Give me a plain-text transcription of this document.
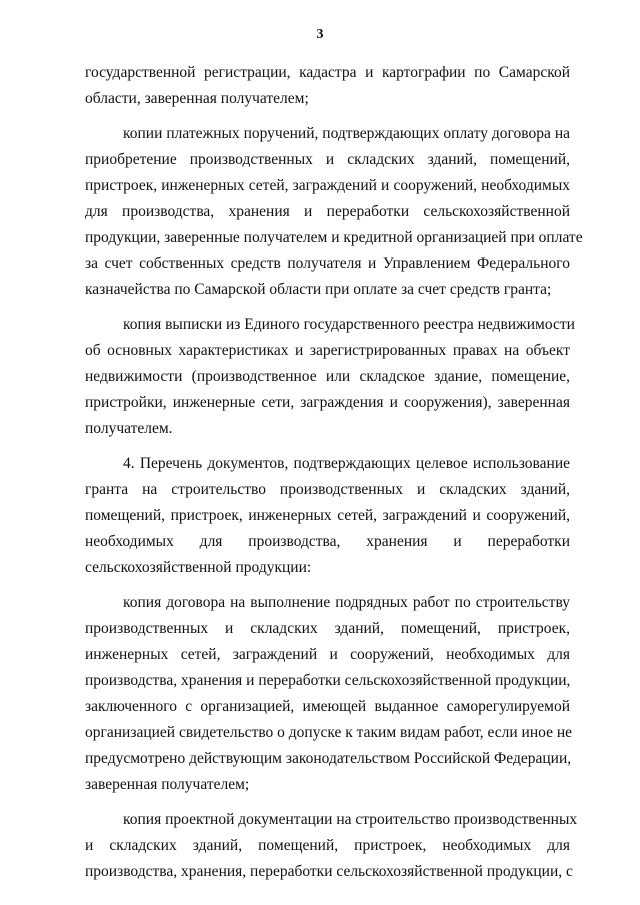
3
государственной регистрации, кадастра и картографии по Самарской
области, заверенная получателем;
копии платежных поручений, подтверждающих оплату договора на
приобретение производственных и складских зданий, помещений,
пристроек, инженерных сетей, заграждений и сооружений, необходимых
для производства, хранения и переработки сельскохозяйственной
продукции, заверенные получателем и кредитной организацией при оплате
за счет собственных средств получателя и Управлением Федерального
казначейства по Самарской области при оплате за счет средств гранта;
копия выписки из Единого государственного реестра недвижимости
об основных характеристиках и зарегистрированных правах на объект
недвижимости (производственное или складское здание, помещение,
пристройки, инженерные сети, заграждения и сооружения), заверенная
получателем.
4. Перечень документов, подтверждающих целевое использование
гранта на строительство производственных и складских зданий,
помещений, пристроек, инженерных сетей, заграждений и сооружений,
необходимых для производства, хранения и переработки
сельскохозяйственной продукции:
копия договора на выполнение подрядных работ по строительству
производственных и складских зданий, помещений, пристроек,
инженерных сетей, заграждений и сооружений, необходимых для
производства, хранения и переработки сельскохозяйственной продукции,
заключенного с организацией, имеющей выданное саморегулируемой
организацией свидетельство о допуске к таким видам работ, если иное не
предусмотрено действующим законодательством Российской Федерации,
заверенная получателем;
копия проектной документации на строительство производственных
и складских зданий, помещений, пристроек, необходимых для
производства, хранения, переработки сельскохозяйственной продукции, с
